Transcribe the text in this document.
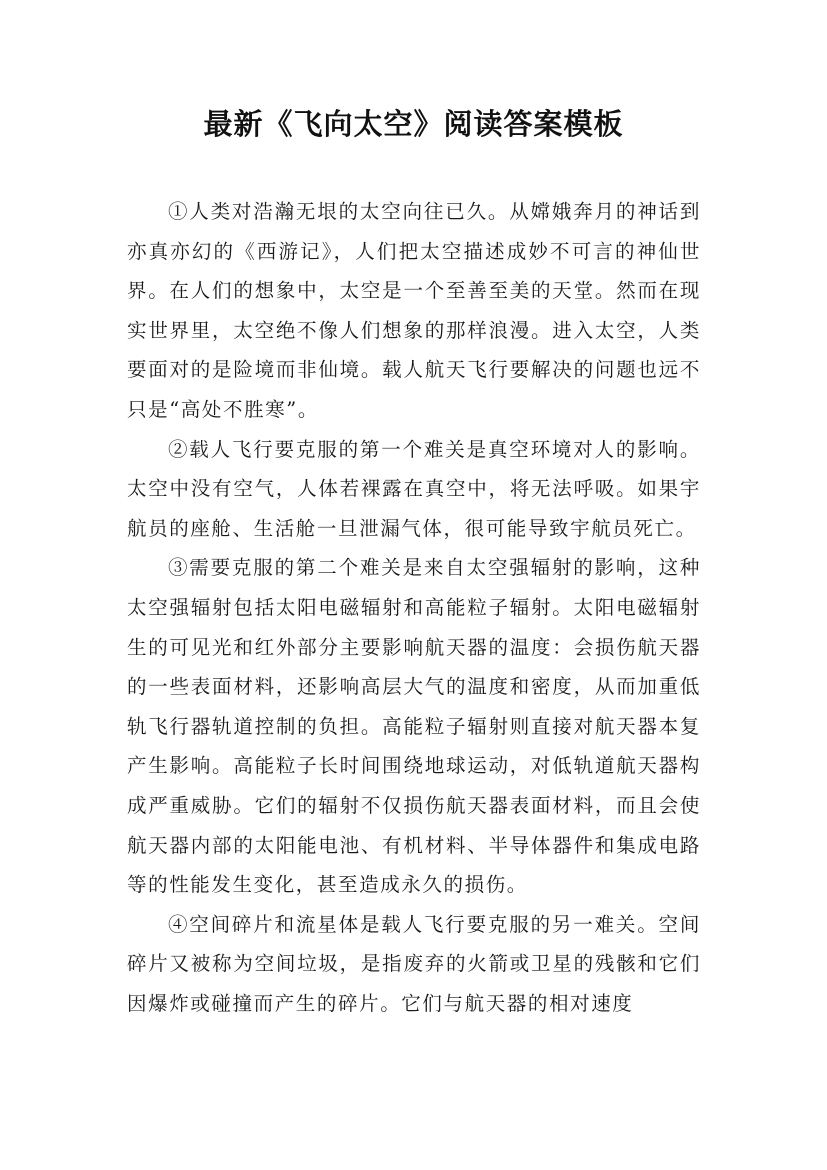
最新《飞向太空》阅读答案模板

①人类对浩瀚无垠的太空向往已久。从嫦娥奔月的神话到亦真亦幻的《西游记》，人们把太空描述成妙不可言的神仙世界。在人们的想象中，太空是一个至善至美的天堂。然而在现实世界里，太空绝不像人们想象的那样浪漫。进入太空，人类要面对的是险境而非仙境。载人航天飞行要解决的问题也远不只是“高处不胜寒”。

②载人飞行要克服的第一个难关是真空环境对人的影响。太空中没有空气，人体若裸露在真空中，将无法呼吸。如果宇航员的座舱、生活舱一旦泄漏气体，很可能导致宇航员死亡。

③需要克服的第二个难关是来自太空强辐射的影响，这种太空强辐射包括太阳电磁辐射和高能粒子辐射。太阳电磁辐射生的可见光和红外部分主要影响航天器的温度：会损伤航天器的一些表面材料，还影响高层大气的温度和密度，从而加重低轨飞行器轨道控制的负担。高能粒子辐射则直接对航天器本复产生影响。高能粒子长时间围绕地球运动，对低轨道航天器构成严重威胁。它们的辐射不仅损伤航天器表面材料，而且会使航天器内部的太阳能电池、有机材料、半导体器件和集成电路等的性能发生变化，甚至造成永久的损伤。

④空间碎片和流星体是载人飞行要克服的另一难关。空间碎片又被称为空间垃圾，是指废弃的火箭或卫星的残骸和它们因爆炸或碰撞而产生的碎片。它们与航天器的相对速度
